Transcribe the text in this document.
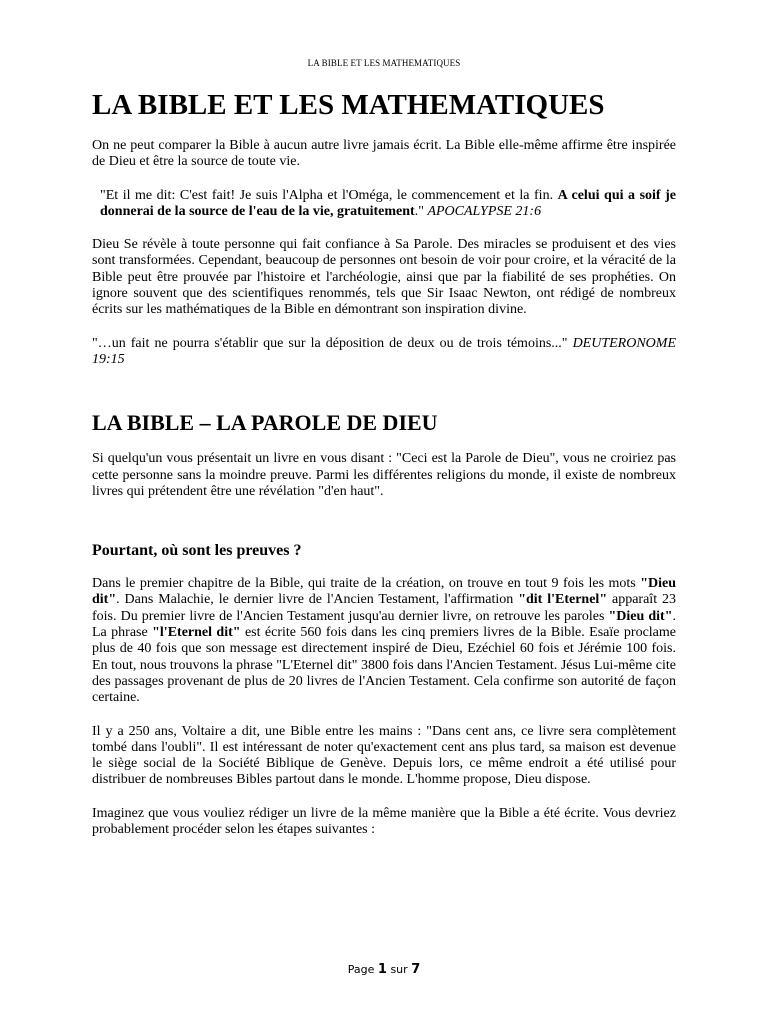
LA BIBLE ET LES MATHEMATIQUES
LA BIBLE ET LES MATHEMATIQUES

On ne peut comparer la Bible à aucun autre livre jamais écrit. La Bible elle-même affirme être inspirée de Dieu et être la source de toute vie.

"Et il me dit: C'est fait! Je suis l'Alpha et l'Oméga, le commencement et la fin. A celui qui a soif je donnerai de la source de l'eau de la vie, gratuitement." APOCALYPSE 21:6

Dieu Se révèle à toute personne qui fait confiance à Sa Parole. Des miracles se produisent et des vies sont transformées. Cependant, beaucoup de personnes ont besoin de voir pour croire, et la véracité de la Bible peut être prouvée par l'histoire et l'archéologie, ainsi que par la fiabilité de ses prophéties. On ignore souvent que des scientifiques renommés, tels que Sir Isaac Newton, ont rédigé de nombreux écrits sur les mathématiques de la Bible en démontrant son inspiration divine.

"…un fait ne pourra s'établir que sur la déposition de deux ou de trois témoins..." DEUTERONOME 19:15

LA BIBLE – LA PAROLE DE DIEU

Si quelqu'un vous présentait un livre en vous disant : "Ceci est la Parole de Dieu", vous ne croiriez pas cette personne sans la moindre preuve. Parmi les différentes religions du monde, il existe de nombreux livres qui prétendent être une révélation "d'en haut".

Pourtant, où sont les preuves ?

Dans le premier chapitre de la Bible, qui traite de la création, on trouve en tout 9 fois les mots "Dieu dit". Dans Malachie, le dernier livre de l'Ancien Testament, l'affirmation "dit l'Eternel" apparaît 23 fois. Du premier livre de l'Ancien Testament jusqu'au dernier livre, on retrouve les paroles "Dieu dit". La phrase "l'Eternel dit" est écrite 560 fois dans les cinq premiers livres de la Bible. Esaïe proclame plus de 40 fois que son message est directement inspiré de Dieu, Ezéchiel 60 fois et Jérémie 100 fois. En tout, nous trouvons la phrase "L'Eternel dit" 3800 fois dans l'Ancien Testament. Jésus Lui-même cite des passages provenant de plus de 20 livres de l'Ancien Testament. Cela confirme son autorité de façon certaine.

Il y a 250 ans, Voltaire a dit, une Bible entre les mains : "Dans cent ans, ce livre sera complètement tombé dans l'oubli". Il est intéressant de noter qu'exactement cent ans plus tard, sa maison est devenue le siège social de la Société Biblique de Genève. Depuis lors, ce même endroit a été utilisé pour distribuer de nombreuses Bibles partout dans le monde. L'homme propose, Dieu dispose.

Imaginez que vous vouliez rédiger un livre de la même manière que la Bible a été écrite. Vous devriez probablement procéder selon les étapes suivantes :

Page 1 sur 7
